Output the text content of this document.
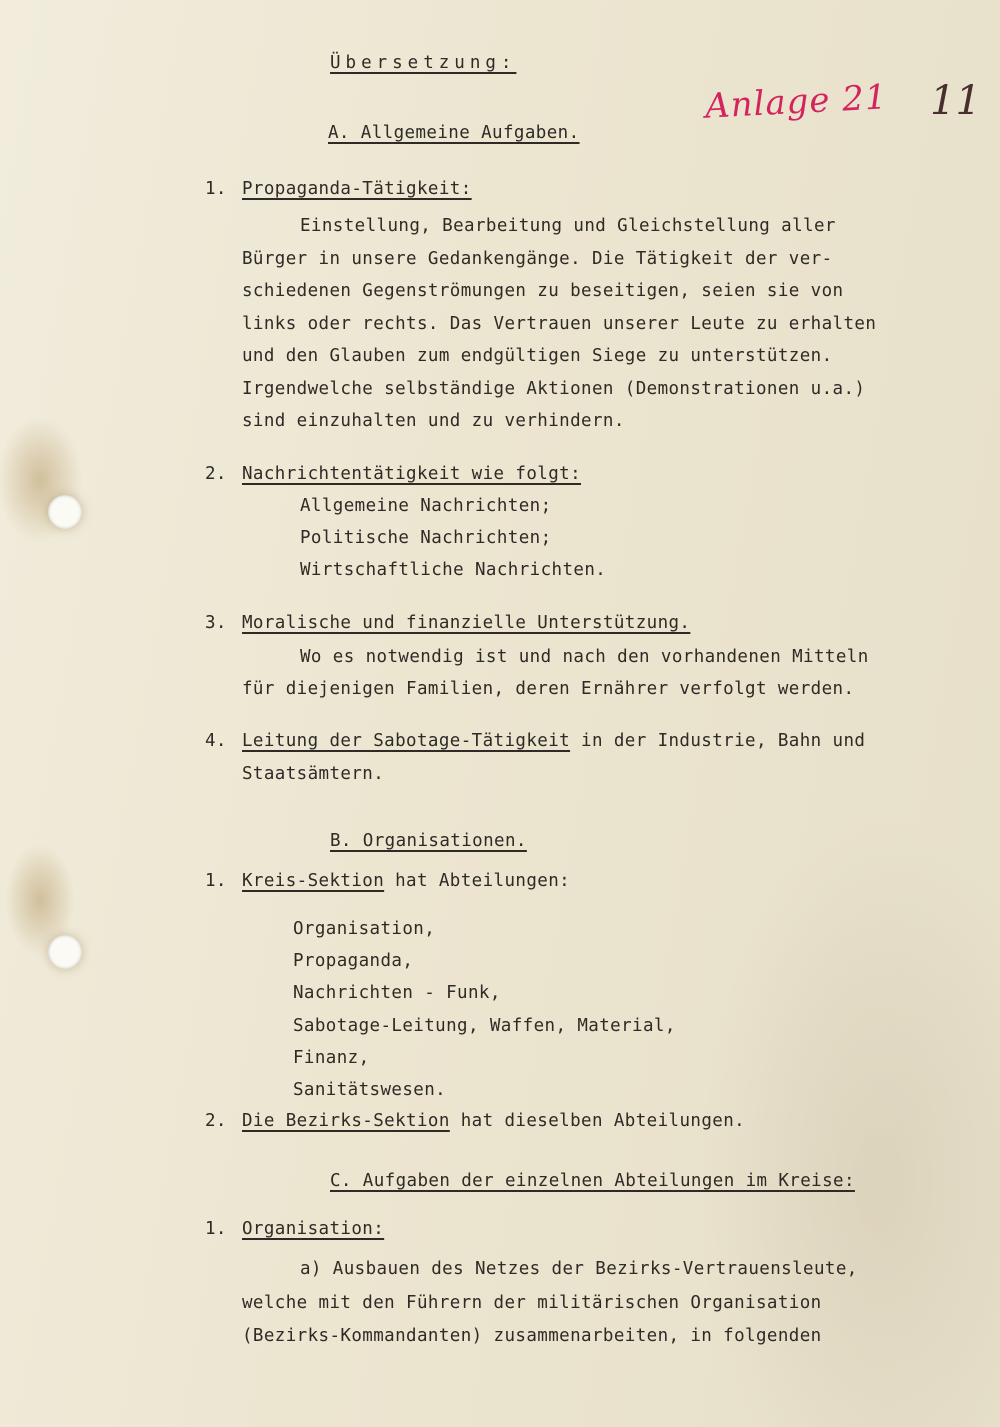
Anlage 21 11
Übersetzung:
A. Allgemeine Aufgaben.
1. Propaganda-Tätigkeit:
Einstellung, Bearbeitung und Gleichstellung aller
Bürger in unsere Gedankengänge. Die Tätigkeit der ver-
schiedenen Gegenströmungen zu beseitigen, seien sie von
links oder rechts. Das Vertrauen unserer Leute zu erhalten
und den Glauben zum endgültigen Siege zu unterstützen.
Irgendwelche selbständige Aktionen (Demonstrationen u.a.)
sind einzuhalten und zu verhindern.
2. Nachrichtentätigkeit wie folgt:
Allgemeine Nachrichten;
Politische Nachrichten;
Wirtschaftliche Nachrichten.
3. Moralische und finanzielle Unterstützung.
Wo es notwendig ist und nach den vorhandenen Mitteln
für diejenigen Familien, deren Ernährer verfolgt werden.
4. Leitung der Sabotage-Tätigkeit in der Industrie, Bahn und
Staatsämtern.
B. Organisationen.
1. Kreis-Sektion hat Abteilungen:
Organisation,
Propaganda,
Nachrichten - Funk,
Sabotage-Leitung, Waffen, Material,
Finanz,
Sanitätswesen.
2. Die Bezirks-Sektion hat dieselben Abteilungen.
C. Aufgaben der einzelnen Abteilungen im Kreise:
1. Organisation:
a) Ausbauen des Netzes der Bezirks-Vertrauensleute,
welche mit den Führern der militärischen Organisation
(Bezirks-Kommandanten) zusammenarbeiten, in folgenden
